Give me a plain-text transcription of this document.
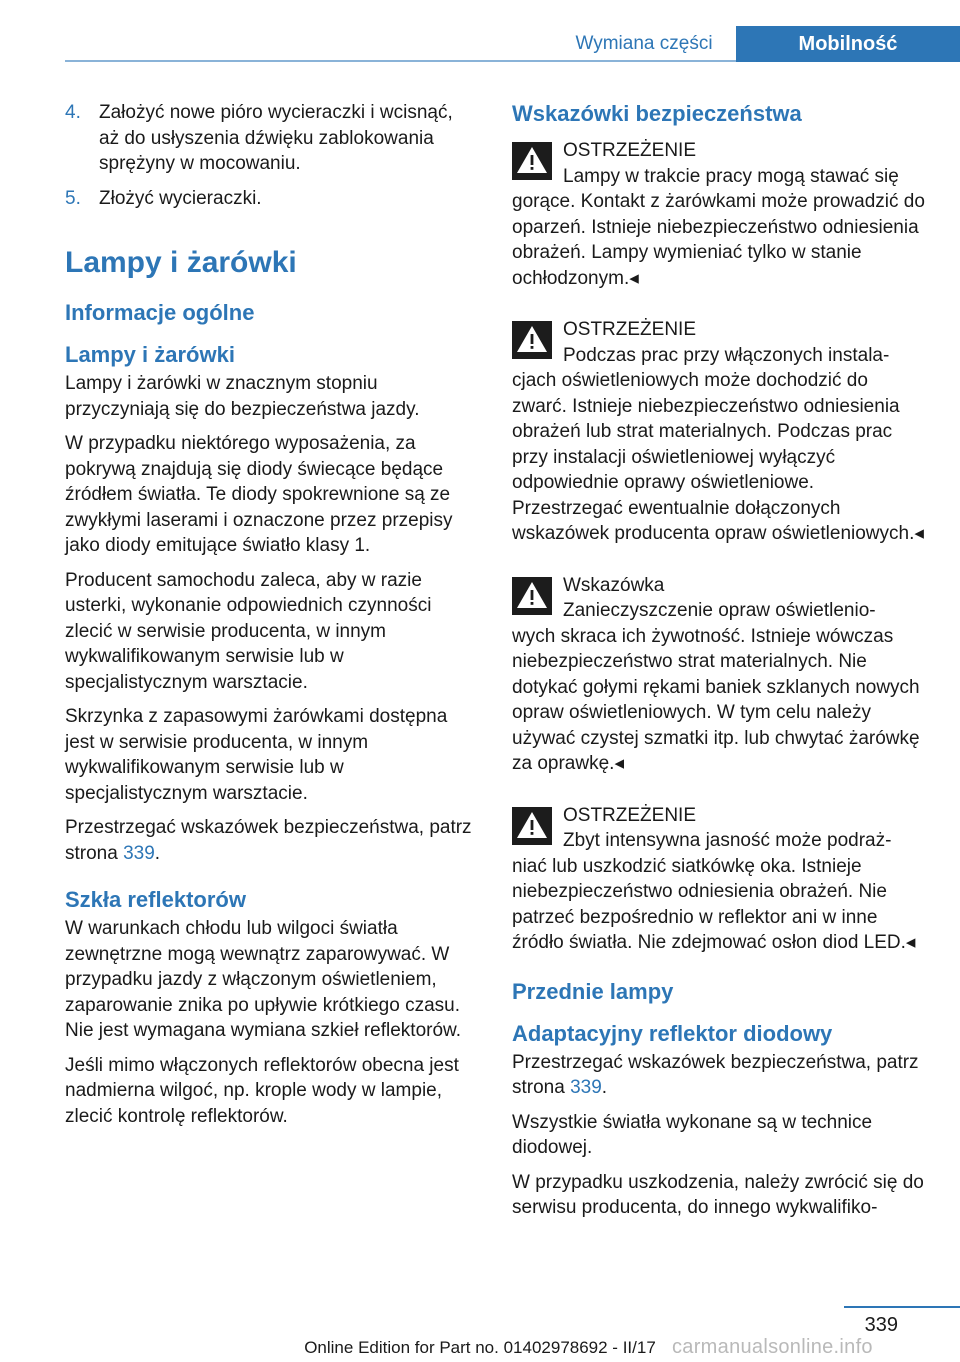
Wymiana części	Mobilność
4. Założyć nowe pióro wycieraczki i wcisnąć, aż do usłyszenia dźwięku zablokowania sprężyny w mocowaniu.
5. Złożyć wycieraczki.
Lampy i żarówki
Informacje ogólne
Lampy i żarówki

Lampy i żarówki w znacznym stopniu przyczyniają się do bezpieczeństwa jazdy.

W przypadku niektórego wyposażenia, za pokrywą znajdują się diody świecące będące źródłem światła. Te diody spokrewnione są ze zwykłymi laserami i oznaczone przez przepisy jako diody emitujące światło klasy 1.

Producent samochodu zaleca, aby w razie usterki, wykonanie odpowiednich czynności zlecić w serwisie producenta, w innym wykwalifikowanym serwisie lub w specjalistycznym warsztacie.

Skrzynka z zapasowymi żarówkami dostępna jest w serwisie producenta, w innym wykwalifikowanym serwisie lub w specjalistycznym warsztacie.

Przestrzegać wskazówek bezpieczeństwa, patrz strona 339.

Szkła reflektorów

W warunkach chłodu lub wilgoci światła zewnętrzne mogą wewnątrz zaparowywać. W przypadku jazdy z włączonym oświetleniem, zaparowanie znika po upływie krótkiego czasu. Nie jest wymagana wymiana szkieł reflektorów.

Jeśli mimo włączonych reflektorów obecna jest nadmierna wilgoć, np. krople wody w lampie, zlecić kontrolę reflektorów.

Wskazówki bezpieczeństwa
OSTRZEŻENIE
Lampy w trakcie pracy mogą stawać się
gorące. Kontakt z żarówkami może prowadzić do oparzeń. Istnieje niebezpieczeństwo odniesienia obrażeń. Lampy wymieniać tylko w stanie ochłodzonym.◂
OSTRZEŻENIE
Podczas prac przy włączonych instala-
cjach oświetleniowych może dochodzić do zwarć. Istnieje niebezpieczeństwo odniesienia obrażeń lub strat materialnych. Podczas prac przy instalacji oświetleniowej wyłączyć odpowiednie oprawy oświetleniowe. Przestrzegać ewentualnie dołączonych wskazówek producenta opraw oświetleniowych.◂
Wskazówka
Zanieczyszczenie opraw oświetlenio-
wych skraca ich żywotność. Istnieje wówczas niebezpieczeństwo strat materialnych. Nie dotykać gołymi rękami baniek szklanych nowych opraw oświetleniowych. W tym celu należy używać czystej szmatki itp. lub chwytać żarówkę za oprawkę.◂
OSTRZEŻENIE
Zbyt intensywna jasność może podraż-
niać lub uszkodzić siatkówkę oka. Istnieje niebezpieczeństwo odniesienia obrażeń. Nie patrzeć bezpośrednio w reflektor ani w inne źródło światła. Nie zdejmować osłon diod LED.◂
Przednie lampy
Adaptacyjny reflektor diodowy

Przestrzegać wskazówek bezpieczeństwa, patrz strona 339.

Wszystkie światła wykonane są w technice diodowej.

W przypadku uszkodzenia, należy zwrócić się do serwisu producenta, do innego wykwalifiko-

339
Online Edition for Part no. 01402978692 - II/17 carmanualsonline.info
